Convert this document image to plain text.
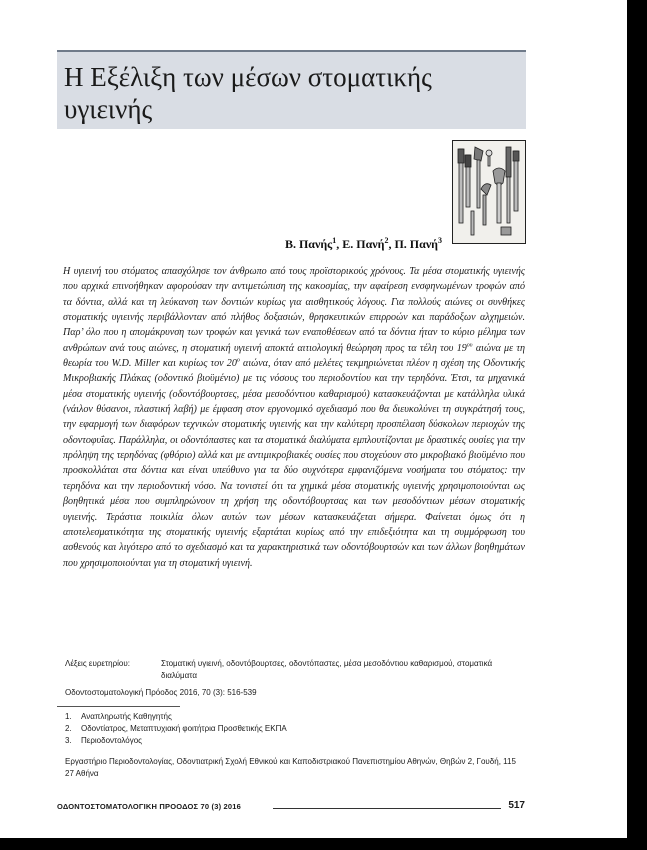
Η Εξέλιξη των μέσων στοματικής υγιεινής
Β. Πανής$^1$, Ε. Πανή$^2$, Π. Πανή$^3$

Η υγιεινή του στόματος απασχόλησε τον άνθρωπο από τους προϊστορικούς χρόνους. Τα μέσα στοματικής υγιεινής που αρχικά επινοήθηκαν αφορούσαν την αντιμετώπιση της κακοσμίας, την αφαίρεση ενσφηνωμένων τροφών από τα δόντια, αλλά και τη λεύκανση των δοντιών κυρίως για αισθητικούς λόγους. Για πολλούς αιώνες οι συνθήκες στοματικής υγιεινής περιβάλλονταν από πλήθος δοξασιών, θρησκευτικών επιρροών και παράδοξων αλχημειών. Παρ’ όλο που η απομάκρυνση των τροφών και γενικά των εναποθέσεων από τα δόντια ήταν το κύριο μέλημα των ανθρώπων ανά τους αιώνες, η στοματική υγιεινή αποκτά αιτιολογική θεώρηση προς τα τέλη του $19^{o\upsilon}$ αιώνα με τη θεωρία του W.D. Miller και κυρίως τον $20^o$ αιώνα, όταν από μελέτες τεκμηριώνεται πλέον η σχέση της Οδοντικής Μικροβιακής Πλάκας (οδοντικό βιοϋμένιο) με τις νόσους του περιοδοντίου και την τερηδόνα. Έτσι, τα μηχανικά μέσα στοματικής υγιεινής (οδοντόβουρτσες, μέσα μεσοδόντιου καθαρισμού) κατασκευάζονται με κατάλληλα υλικά (νάιλον θύσανοι, πλαστική λαβή) με έμφαση στον εργονομικό σχεδιασμό που θα διευκολύνει τη συγκράτησή τους, την εφαρμογή των διαφόρων τεχνικών στοματικής υγιεινής και την καλύτερη προσπέλαση δύσκολων περιοχών της οδοντοφυΐας. Παράλληλα, οι οδοντόπαστες και τα στοματικά διαλύματα εμπλουτίζονται με δραστικές ουσίες για την πρόληψη της τερηδόνας (φθόριο) αλλά και με αντιμικροβιακές ουσίες που στοχεύουν στο μικροβιακό βιοϋμένιο που προσκολλάται στα δόντια και είναι υπεύθυνο για τα δύο συχνότερα εμφανιζόμενα νοσήματα του στόματος: την τερηδόνα και την περιοδοντική νόσο. Να τονιστεί ότι τα χημικά μέσα στοματικής υγιεινής χρησιμοποιούνται ως βοηθητικά μέσα που συμπληρώνουν τη χρήση της οδοντόβουρτσας και των μεσοδόντιων μέσων στοματικής υγιεινής. Τεράστια ποικιλία όλων αυτών των μέσων κατασκευάζεται σήμερα. Φαίνεται όμως ότι η αποτελεσματικότητα της στοματικής υγιεινής εξαρτάται κυρίως από την επιδεξιότητα και τη συμμόρφωση του ασθενούς και λιγότερο από το σχεδιασμό και τα χαρακτηριστικά των οδοντόβουρτσών και των άλλων βοηθημάτων που χρησιμοποιούνται για τη στοματική υγιεινή.

Λέξεις ευρετηρίου:	Στοματική υγιεινή, οδοντόβουρτσες, οδοντόπαστες, μέσα μεσοδόντιου καθαρισμού, στοματικά διαλύματα
Οδοντοστοματολογική Πρόοδος 2016, 70 (3): 516-539
1. Αναπληρωτής Καθηγητής
2. Οδοντίατρος, Μεταπτυχιακή φοιτήτρια Προσθετικής ΕΚΠΑ
3. Περιοδοντολόγος
Εργαστήριο Περιοδοντολογίας, Οδοντιατρική Σχολή Εθνικού και Καποδιστριακού Πανεπιστημίου Αθηνών, Θηβών 2, Γουδή, 115 27 Αθήνα
ΟΔΟΝΤΟΣΤΟΜΑΤΟΛΟΓΙΚΗ ΠΡΟΟΔΟΣ 70 (3) 2016	517
